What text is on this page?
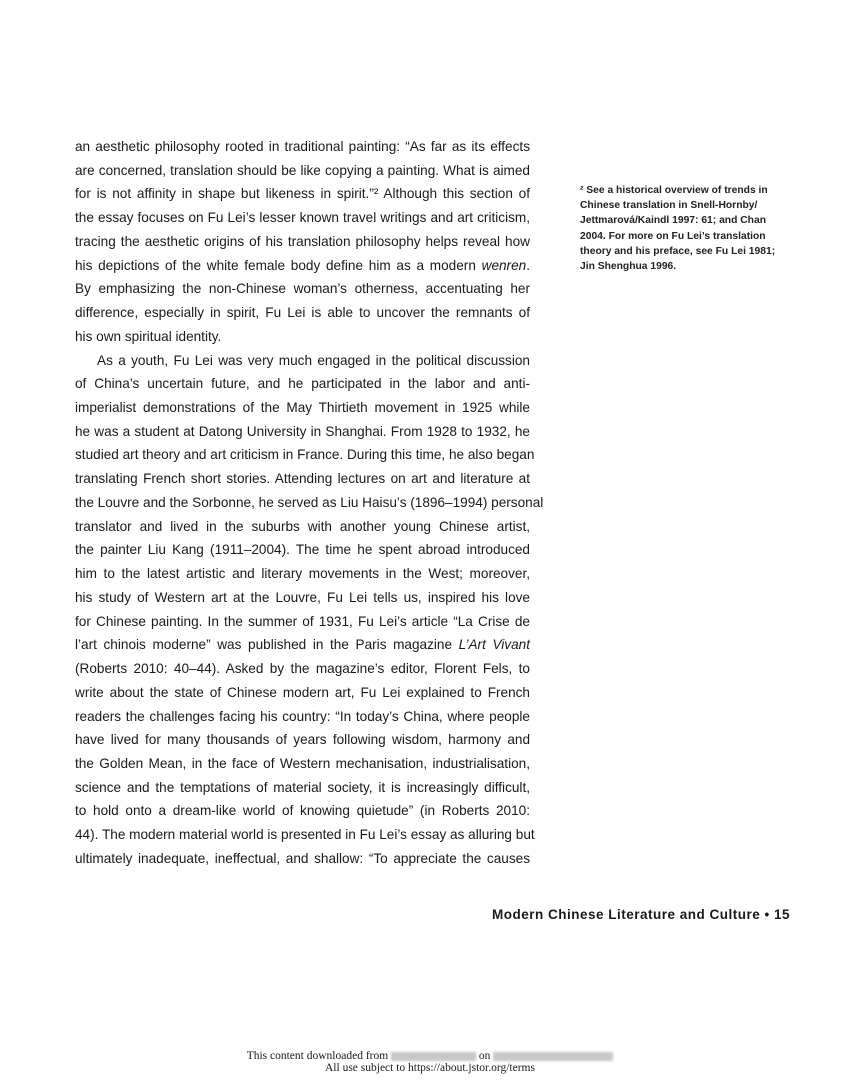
an aesthetic philosophy rooted in traditional painting: “As far as its effects
are concerned, translation should be like copying a painting. What is aimed
for is not affinity in shape but likeness in spirit.”² Although this section of
the essay focuses on Fu Lei’s lesser known travel writings and art criticism,
tracing the aesthetic origins of his translation philosophy helps reveal how
his depictions of the white female body define him as a modern wenren.
By emphasizing the non-Chinese woman’s otherness, accentuating her
difference, especially in spirit, Fu Lei is able to uncover the remnants of
his own spiritual identity.
As a youth, Fu Lei was very much engaged in the political discussion
of China’s uncertain future, and he participated in the labor and anti-
imperialist demonstrations of the May Thirtieth movement in 1925 while
he was a student at Datong University in Shanghai. From 1928 to 1932, he
studied art theory and art criticism in France. During this time, he also began
translating French short stories. Attending lectures on art and literature at
the Louvre and the Sorbonne, he served as Liu Haisu’s (1896–1994) personal
translator and lived in the suburbs with another young Chinese artist,
the painter Liu Kang (1911–2004). The time he spent abroad introduced
him to the latest artistic and literary movements in the West; moreover,
his study of Western art at the Louvre, Fu Lei tells us, inspired his love
for Chinese painting. In the summer of 1931, Fu Lei’s article “La Crise de
l’art chinois moderne” was published in the Paris magazine L’Art Vivant
(Roberts 2010: 40–44). Asked by the magazine’s editor, Florent Fels, to
write about the state of Chinese modern art, Fu Lei explained to French
readers the challenges facing his country: “In today’s China, where people
have lived for many thousands of years following wisdom, harmony and
the Golden Mean, in the face of Western mechanisation, industrialisation,
science and the temptations of material society, it is increasingly difficult,
to hold onto a dream-like world of knowing quietude” (in Roberts 2010:
44). The modern material world is presented in Fu Lei’s essay as alluring but
ultimately inadequate, ineffectual, and shallow: “To appreciate the causes
² See a historical overview of trends in
Chinese translation in Snell-Hornby/
Jettmarová/Kaindl 1997: 61; and Chan
2004. For more on Fu Lei’s translation
theory and his preface, see Fu Lei 1981;
Jin Shenghua 1996.
Modern Chinese Literature and Culture • 15
This content downloaded from	on
All use subject to https://about.jstor.org/terms
